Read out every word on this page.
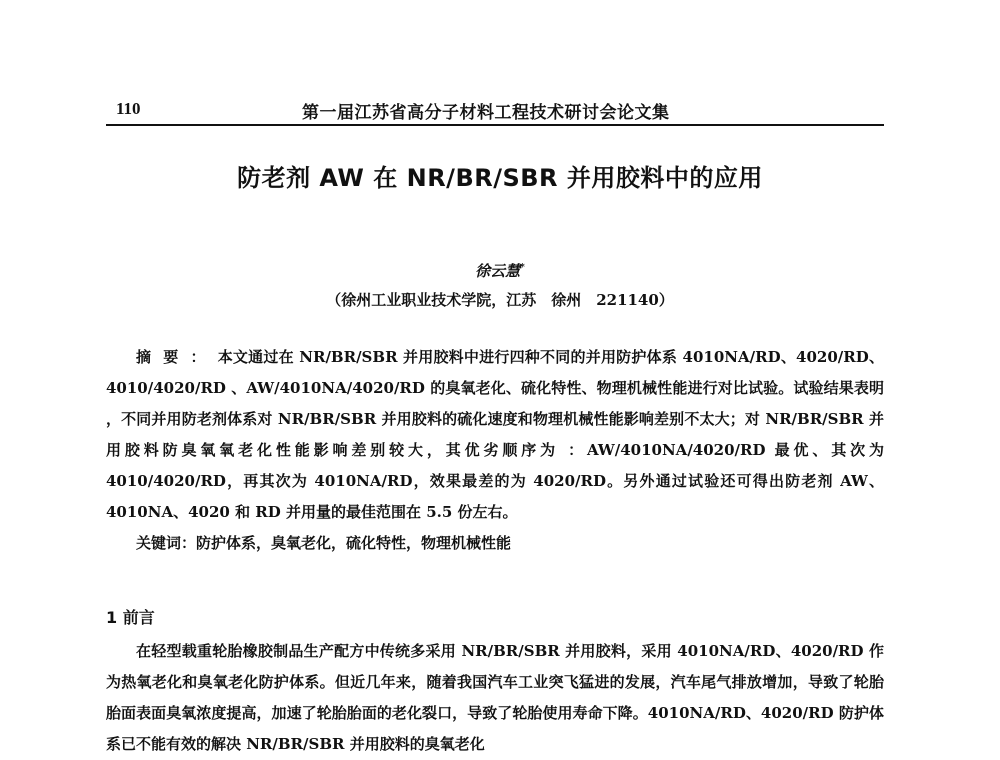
110	第一届江苏省高分子材料工程技术研讨会论文集
防老剂 AW 在 NR/BR/SBR 并用胶料中的应用
徐云慧*
（徐州工业职业技术学院，江苏　徐州　221140）

摘要：本文通过在 NR/BR/SBR 并用胶料中进行四种不同的并用防护体系 4010NA/RD、4020/RD、4010/4020/RD 、AW/4010NA/4020/RD 的臭氧老化、硫化特性、物理机械性能进行对比试验。试验结果表明 ，不同并用防老剂体系对 NR/BR/SBR 并用胶料的硫化速度和物理机械性能影响差别不太大；对 NR/BR/SBR 并用胶料防臭氧氧老化性能影响差别较大，其优劣顺序为 ：AW/4010NA/4020/RD 最优、其次为 4010/4020/RD，再其次为 4010NA/RD，效果最差的为 4020/RD。另外通过试验还可得出防老剂 AW、4010NA、4020 和 RD 并用量的最佳范围在 5.5 份左右。

关键词：防护体系，臭氧老化，硫化特性，物理机械性能

1 前言

在轻型载重轮胎橡胶制品生产配方中传统多采用 NR/BR/SBR 并用胶料，采用 4010NA/RD、4020/RD 作为热氧老化和臭氧老化防护体系。但近几年来，随着我国汽车工业突飞猛进的发展，汽车尾气排放增加，导致了轮胎胎面表面臭氧浓度提高，加速了轮胎胎面的老化裂口，导致了轮胎使用寿命下降。4010NA/RD、4020/RD 防护体系已不能有效的解决 NR/BR/SBR 并用胶料的臭氧老化
